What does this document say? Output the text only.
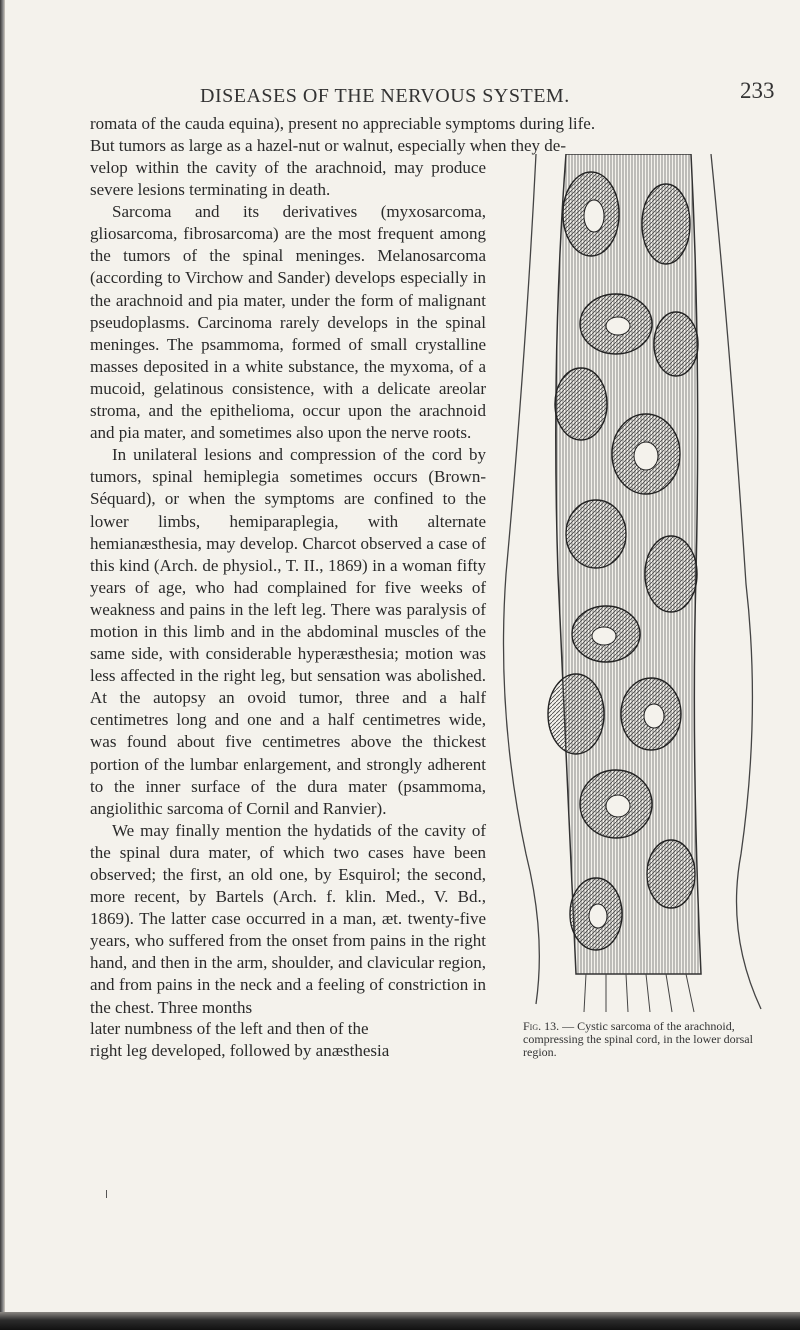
DISEASES OF THE NERVOUS SYSTEM.	233
romata of the cauda equina), present no appreciable symptoms during life.
But tumors as large as a hazel-nut or walnut, especially when they de-

velop within the cavity of the arachnoid, may produce severe lesions terminating in death.

Sarcoma and its derivatives (myxosarcoma, gliosarcoma, fibrosarcoma) are the most frequent among the tumors of the spinal meninges. Melanosarcoma (according to Virchow and Sander) develops especially in the arachnoid and pia mater, under the form of malignant pseudoplasms. Carcinoma rarely develops in the spinal meninges. The psammoma, formed of small crystalline masses deposited in a white substance, the myxoma, of a mucoid, gelatinous consistence, with a delicate areolar stroma, and the epithelioma, occur upon the arachnoid and pia mater, and sometimes also upon the nerve roots.

In unilateral lesions and compression of the cord by tumors, spinal hemiplegia sometimes occurs (Brown-Séquard), or when the symptoms are confined to the lower limbs, hemiparaplegia, with alternate hemianæsthesia, may develop. Charcot observed a case of this kind (Arch. de physiol., T. II., 1869) in a woman fifty years of age, who had complained for five weeks of weakness and pains in the left leg. There was paralysis of motion in this limb and in the abdominal muscles of the same side, with considerable hyperæsthesia; motion was less affected in the right leg, but sensation was abolished. At the autopsy an ovoid tumor, three and a half centimetres long and one and a half centimetres wide, was found about five centimetres above the thickest portion of the lumbar enlargement, and strongly adherent to the inner surface of the dura mater (psammoma, angiolithic sarcoma of Cornil and Ranvier).

We may finally mention the hydatids of the cavity of the spinal dura mater, of which two cases have been observed; the first, an old one, by Esquirol; the second, more recent, by Bartels (Arch. f. klin. Med., V. Bd., 1869). The latter case occurred in a man, æt. twenty-five years, who suffered from the onset from pains in the right hand, and then in the arm, shoulder, and clavicular region, and from pains in the neck and a feeling of constriction in the chest. Three months

later numbness of the left and then of the
right leg developed, followed by anæsthesia
Fig. 13. — Cystic sarcoma of the arachnoid, compressing the spinal cord, in the lower dorsal region.
